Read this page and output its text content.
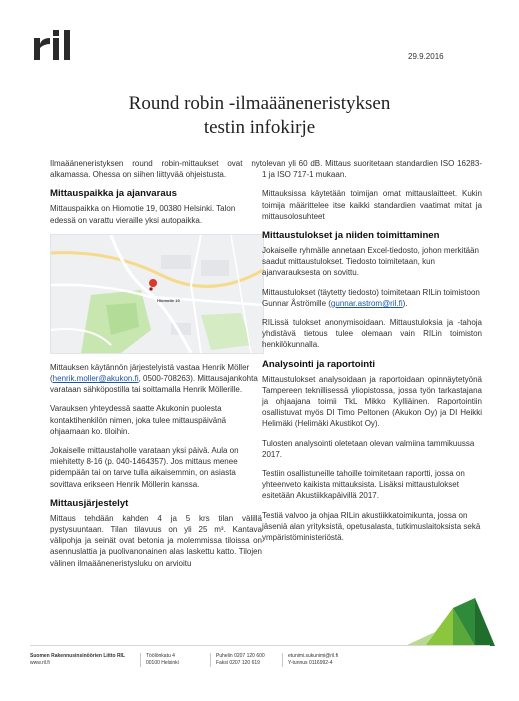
29.9.2016
Round robin -ilmaääneneristyksen
testin infokirje

Ilmaääneneristyksen round robin-mittaukset ovat nyt alkamassa. Ohessa on siihen liittyvää ohjeistusta.

Mittauspaikka ja ajanvaraus

Mittauspaikka on Hiomotie 19, 00380 Helsinki. Talon edessä on varattu vieraille yksi autopaikka.

Hiomotie 19

Mittauksen käytännön järjestelyistä vastaa Henrik Möller (henrik.moller@akukon.fi, 0500-708263). Mittausajankohta varataan sähköpostilla tai soittamalla Henrik Möllerille.

Varauksen yhteydessä saatte Akukonin puolesta kontaktihenkilön nimen, joka tulee mittauspäivänä ohjaamaan ko. tiloihin.

Jokaiselle mittaustaholle varataan yksi päivä. Aula on miehitetty 8-16 (p. 040-1464357). Jos mittaus menee pidempään tai on tarve tulla aikaisemmin, on asiasta sovittava erikseen Henrik Möllerin kanssa.

Mittausjärjestelyt

Mittaus tehdään kahden 4 ja 5 krs tilan välillä pystysuuntaan. Tilan tilavuus on yli 25 m³. Kantava välipohja ja seinät ovat betonia ja molemmissa tiloissa on asennuslattia ja puolivanonainen alas laskettu katto. Tilojen välinen ilmaääneneristysluku on arvioitu

olevan yli 60 dB. Mittaus suoritetaan standardien ISO 16283-1 ja ISO 717-1 mukaan.

Mittauksissa käytetään toimijan omat mittauslaitteet. Kukin toimija määrittelee itse kaikki standardien vaatimat mitat ja mittausolosuhteet

Mittaustulokset ja niiden toimittaminen

Jokaiselle ryhmälle annetaan Excel-tiedosto, johon merkitään saadut mittaustulokset. Tiedosto toimitetaan, kun ajanvarauksesta on sovittu.

Mittaustulokset (täytetty tiedosto) toimitetaan RILin toimistoon Gunnar Åströmille (gunnar.astrom@ril.fi).

RILissä tulokset anonymisoidaan. Mittaustuloksia ja -tahoja yhdistävä tietous tulee olemaan vain RILin toimiston henkilökunnalla.

Analysointi ja raportointi

Mittaustulokset analysoidaan ja raportoidaan opinnäytetyönä Tampereen teknillisessä yliopistossa, jossa työn tarkastajana ja ohjaajana toimii TkL Mikko Kylliäinen. Raportointiin osallistuvat myös DI Timo Peltonen (Akukon Oy) ja DI Heikki Helimäki (Helimäki Akustikot Oy).

Tulosten analysointi oletetaan olevan valmiina tammikuussa 2017.

Testiin osallistuneille tahoille toimitetaan raportti, jossa on yhteenveto kaikista mittauksista. Lisäksi mittaustulokset esitetään Akustiikkapäivillä 2017.

Testiä valvoo ja ohjaa RILin akustiikkatoimikunta, jossa on jäseniä alan yrityksistä, opetusalasta, tutkimuslaitoksista sekä ympäristöministeriöstä.

Suomen Rakennusinsinöörien Liitto RIL
www.ril.fi
Töölönkatu 4
00100 Helsinki
Puhelin 0207 120 600
Faksi 0207 120 619
etunimi.sukunimi@ril.fi
Y-tunnus 0116992-4
